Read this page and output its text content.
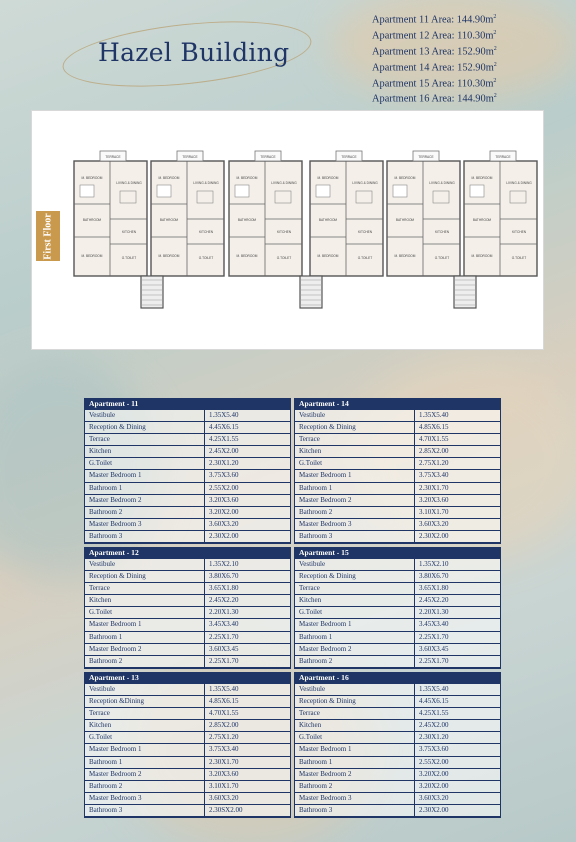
Hazel Building
Apartment 11 Area: $144.90m^2$
Apartment 12 Area: $110.30m^2$
Apartment 13 Area: $152.90m^2$
Apartment 14 Area: $152.90m^2$
Apartment 15 Area: $110.30m^2$
Apartment 16 Area: $144.90m^2$
First Floor
TERRACE
M. BEDROOM
BATHROOM
M. BEDROOM
LIVING & DINING
KITCHEN
G.TOILET
TERRACE
M. BEDROOM
BATHROOM
M. BEDROOM
LIVING & DINING
KITCHEN
G.TOILET
TERRACE
M. BEDROOM
BATHROOM
M. BEDROOM
LIVING & DINING
KITCHEN
G.TOILET
TERRACE
M. BEDROOM
BATHROOM
M. BEDROOM
LIVING & DINING
KITCHEN
G.TOILET
TERRACE
M. BEDROOM
BATHROOM
M. BEDROOM
LIVING & DINING
KITCHEN
G.TOILET
TERRACE
M. BEDROOM
BATHROOM
M. BEDROOM
LIVING & DINING
KITCHEN
G.TOILET
Apartment - 11
Vestibule	1.35X5.40
Reception & Dining	4.45X6.15
Terrace	4.25X1.55
Kitchen	2.45X2.00
G.Toilet	2.30X1.20
Master Bedroom 1	3.75X3.60
Bathroom 1	2.55X2.00
Master Bedroom 2	3.20X3.60
Bathroom 2	3.20X2.00
Master Bedroom 3	3.60X3.20
Bathroom 3	2.30X2.00
Apartment - 14
Vestibule	1.35X5.40
Reception & Dining	4.85X6.15
Terrace	4.70X1.55
Kitchen	2.85X2.00
G.Toilet	2.75X1.20
Master Bedroom 1	3.75X3.40
Bathroom 1	2.30X1.70
Master Bedroom 2	3.20X3.60
Bathroom 2	3.10X1.70
Master Bedroom 3	3.60X3.20
Bathroom 3	2.30X2.00
Apartment - 12
Vestibule	1.35X2.10
Reception & Dining	3.80X6.70
Terrace	3.65X1.80
Kitchen	2.45X2.20
G.Toilet	2.20X1.30
Master Bedroom 1	3.45X3.40
Bathroom 1	2.25X1.70
Master Bedroom 2	3.60X3.45
Bathroom 2	2.25X1.70
Apartment - 15
Vestibule	1.35X2.10
Reception & Dining	3.80X6.70
Terrace	3.65X1.80
Kitchen	2.45X2.20
G.Toilet	2.20X1.30
Master Bedroom 1	3.45X3.40
Bathroom 1	2.25X1.70
Master Bedroom 2	3.60X3.45
Bathroom 2	2.25X1.70
Apartment - 13
Vestibule	1.35X5.40
Reception &Dining	4.85X6.15
Terrace	4.70X1.55
Kitchen	2.85X2.00
G.Toilet	2.75X1.20
Master Bedroom 1	3.75X3.40
Bathroom 1	2.30X1.70
Master Bedroom 2	3.20X3.60
Bathroom 2	3.10X1.70
Master Bedroom 3	3.60X3.20
Bathroom 3	2.30SX2.00
Apartment - 16
Vestibule	1.35X5.40
Reception & Dining	4.45X6.15
Terrace	4.25X1.55
Kitchen	2.45X2.00
G.Toilet	2.30X1.20
Master Bedroom 1	3.75X3.60
Bathroom 1	2.55X2.00
Master Bedroom 2	3.20X2.00
Bathroom 2	3.20X2.00
Master Bedroom 3	3.60X3.20
Bathroom 3	2.30X2.00
